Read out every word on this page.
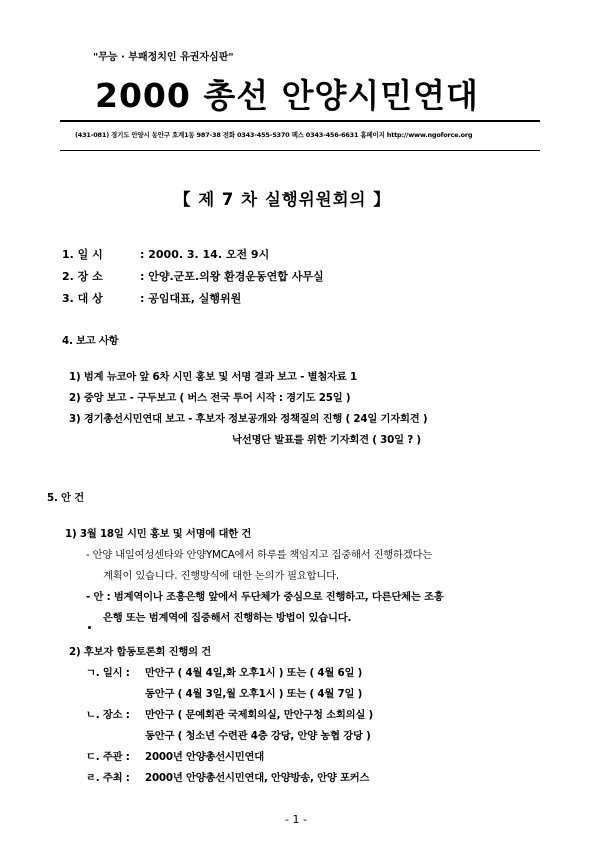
"무능 · 부패정치인 유권자심판"
2000 총선 안양시민연대
(431-081) 경기도 안양시 동안구 호계1동 987-38 전화 0343-455-5370 팩스 0343-456-6631 홈페이지 http://www.ngoforce.org
【 제 7 차 실행위원회의 】
1. 일 시	: 2000. 3. 14. 오전 9시
2. 장 소	: 안양.군포.의왕 환경운동연합 사무실
3. 대 상	: 공임대표, 실행위원
4. 보고 사항
1) 범계 뉴코아 앞 6차 시민 홍보 및 서명 결과 보고 - 별첨자료 1
2) 중앙 보고 - 구두보고 ( 버스 전국 투어 시작 : 경기도 25일 )
3) 경기총선시민연대 보고 - 후보자 정보공개와 정책질의 진행 ( 24일 기자회견 )
낙선명단 발표를 위한 기자회견 ( 30일 ? )
5. 안 건
1) 3월 18일 시민 홍보 및 서명에 대한 건
- 안양 내일여성센타와 안양YMCA에서 하루를 책임지고 집중해서 진행하겠다는
계획이 있습니다. 진행방식에 대한 논의가 필요합니다.
- 안 : 범계역이나 조흥은행 앞에서 두단체가 중심으로 진행하고, 다른단체는 조흥
은행 또는 범계역에 집중해서 진행하는 방법이 있습니다.
2) 후보자 합동토론회 진행의 건
ㄱ. 일시 : 만안구 ( 4월 4일,화 오후1시 ) 또는 ( 4월 6일 )
동안구 ( 4월 3일,월 오후1시 ) 또는 ( 4월 7일 )
ㄴ. 장소 : 만안구 ( 문예회관 국제회의실, 만안구청 소회의실 )
동안구 ( 청소년 수련관 4층 강당, 안양 농협 강당 )
ㄷ. 주관 : 2000년 안양총선시민연대
ㄹ. 주최 : 2000년 안양총선시민연대, 안양방송, 안양 포커스
- 1 -
